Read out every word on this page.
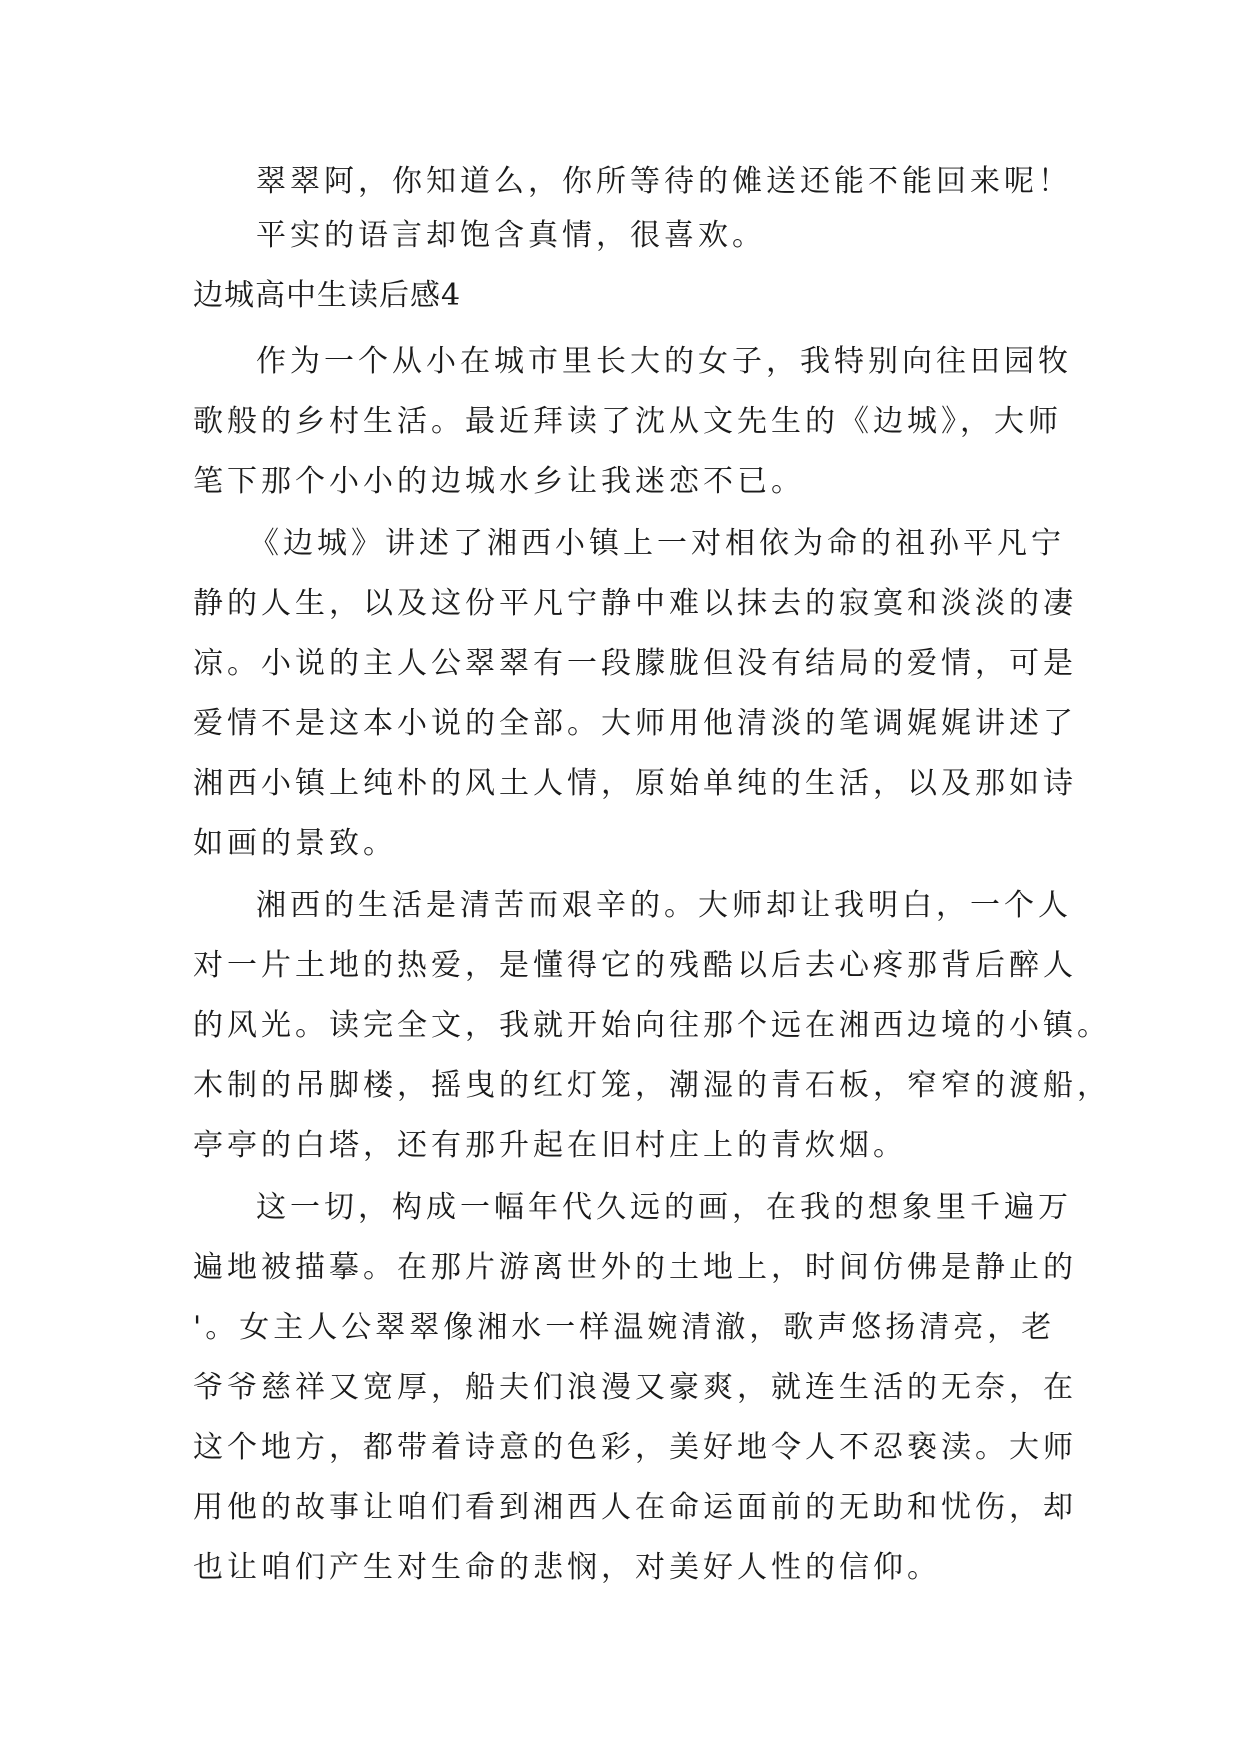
翠翠阿，你知道么，你所等待的傩送还能不能回来呢！
平实的语言却饱含真情，很喜欢。
边城高中生读后感4
作为一个从小在城市里长大的女子，我特别向往田园牧
歌般的乡村生活。最近拜读了沈从文先生的《边城》，大师
笔下那个小小的边城水乡让我迷恋不已。
《边城》讲述了湘西小镇上一对相依为命的祖孙平凡宁
静的人生，以及这份平凡宁静中难以抹去的寂寞和淡淡的凄
凉。小说的主人公翠翠有一段朦胧但没有结局的爱情，可是
爱情不是这本小说的全部。大师用他清淡的笔调娓娓讲述了
湘西小镇上纯朴的风土人情，原始单纯的生活，以及那如诗
如画的景致。
湘西的生活是清苦而艰辛的。大师却让我明白，一个人
对一片土地的热爱，是懂得它的残酷以后去心疼那背后醉人
的风光。读完全文，我就开始向往那个远在湘西边境的小镇。
木制的吊脚楼，摇曳的红灯笼，潮湿的青石板，窄窄的渡船，
亭亭的白塔，还有那升起在旧村庄上的青炊烟。
这一切，构成一幅年代久远的画，在我的想象里千遍万
遍地被描摹。在那片游离世外的土地上，时间仿佛是静止的
'。女主人公翠翠像湘水一样温婉清澈，歌声悠扬清亮，老
爷爷慈祥又宽厚，船夫们浪漫又豪爽，就连生活的无奈，在
这个地方，都带着诗意的色彩，美好地令人不忍亵渎。大师
用他的故事让咱们看到湘西人在命运面前的无助和忧伤，却
也让咱们产生对生命的悲悯，对美好人性的信仰。
